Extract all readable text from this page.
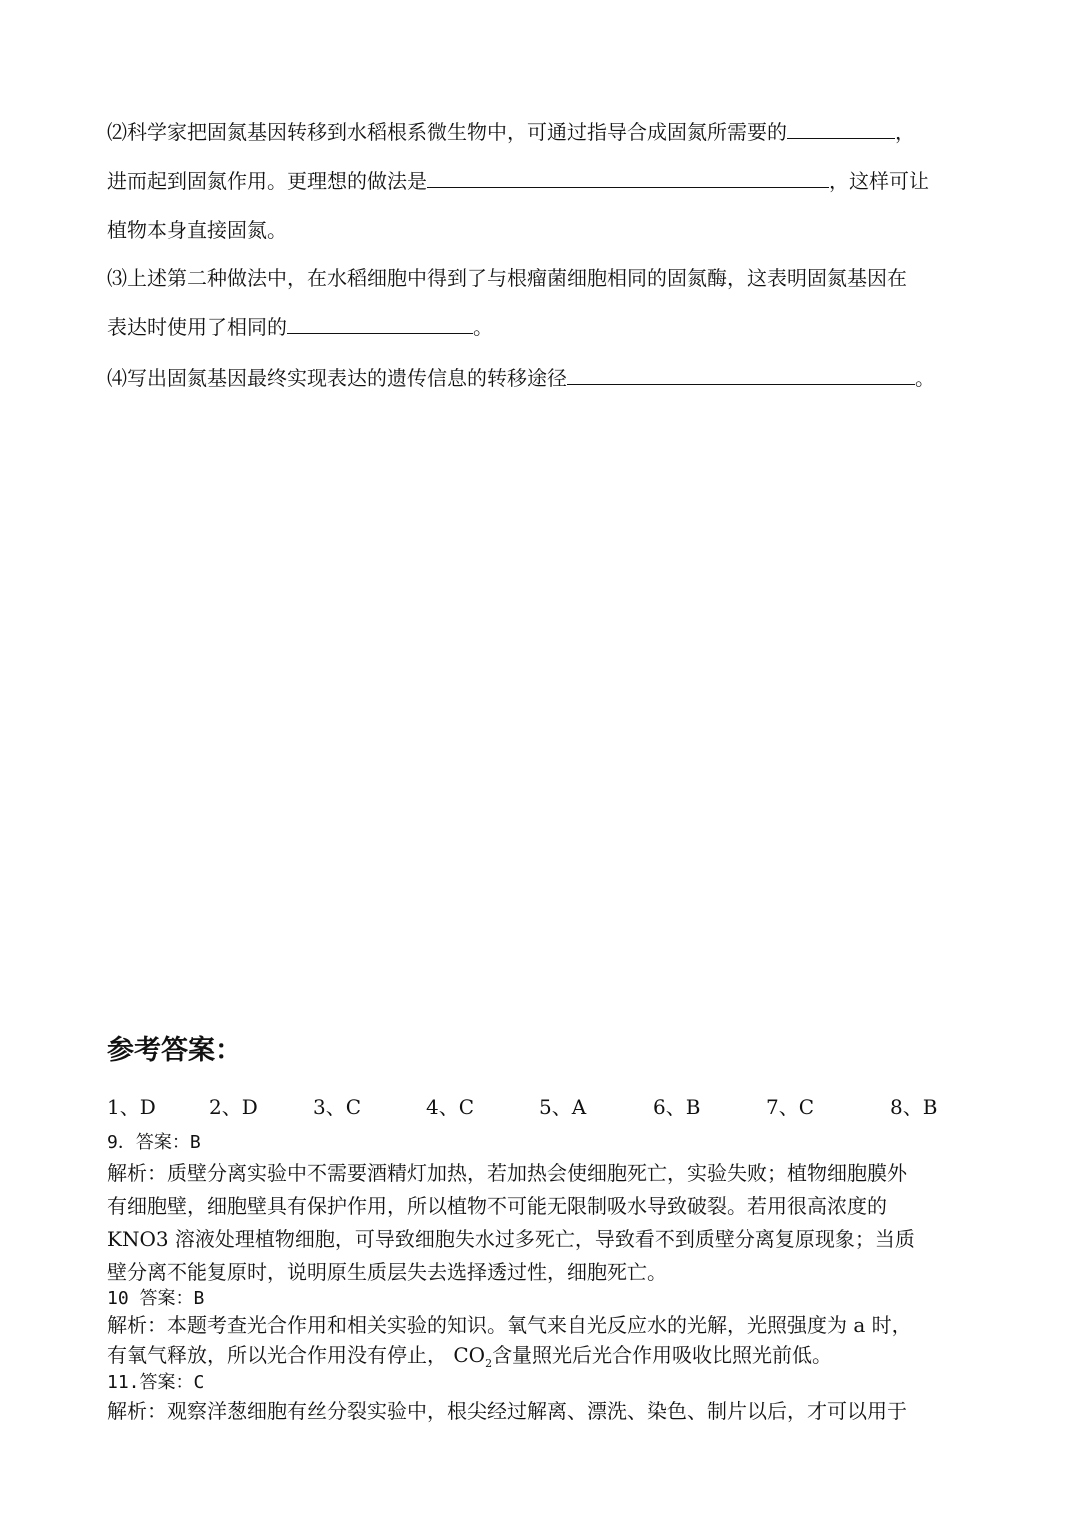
⑵科学家把固氮基因转移到水稻根系微生物中，可通过指导合成固氮所需要的	，
进而起到固氮作用。更理想的做法是	，这样可让
植物本身直接固氮。
⑶上述第二种做法中，在水稻细胞中得到了与根瘤菌细胞相同的固氮酶，这表明固氮基因在
表达时使用了相同的	。
⑷写出固氮基因最终实现表达的遗传信息的转移途径	。
参考答案：
1、D	2、D	3、C	4、C	5、A	6、B	7、C	8、B
9．答案：B
解析：质壁分离实验中不需要酒精灯加热，若加热会使细胞死亡，实验失败；植物细胞膜外
有细胞壁，细胞壁具有保护作用，所以植物不可能无限制吸水导致破裂。若用很高浓度的
KNO3 溶液处理植物细胞，可导致细胞失水过多死亡，导致看不到质壁分离复原现象；当质
壁分离不能复原时，说明原生质层失去选择透过性，细胞死亡。
10 答案：B
解析：本题考查光合作用和相关实验的知识。氧气来自光反应水的光解，光照强度为 a 时，
有氧气释放，所以光合作用没有停止， $CO_2$含量照光后光合作用吸收比照光前低。
11.答案：C
解析：观察洋葱细胞有丝分裂实验中，根尖经过解离、漂洗、染色、制片以后，才可以用于
